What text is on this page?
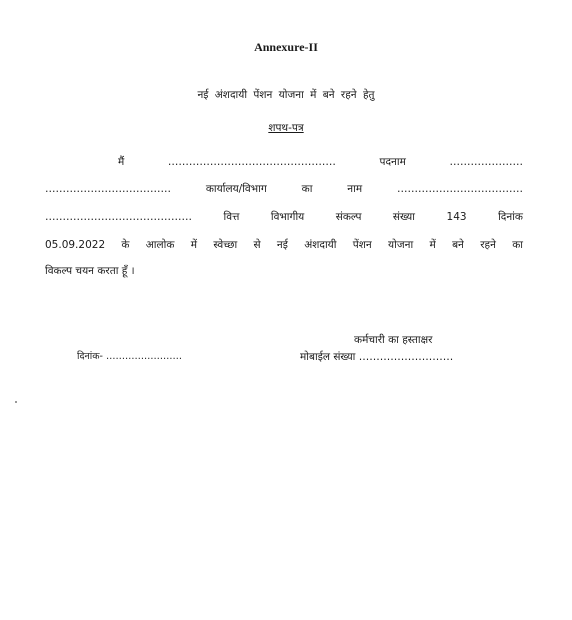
Annexure-II
नई अंशदायी पेंशन योजना में बने रहने हेतु
शपथ-पत्र
मैं ………………………………………… पदनाम …………………
……………………………… कार्यालय/विभाग का नाम ………………………………
…………………………………… वित्त विभागीय संकल्प संख्या 143 दिनांक
05.09.2022 के आलोक में स्वेच्छा से नई अंशदायी पेंशन योजना में बने रहने का
विकल्प चयन करता हूँ ।
कर्मचारी का हस्ताक्षर
दिनांक- ……………………	मोबाईल संख्या ………………………
